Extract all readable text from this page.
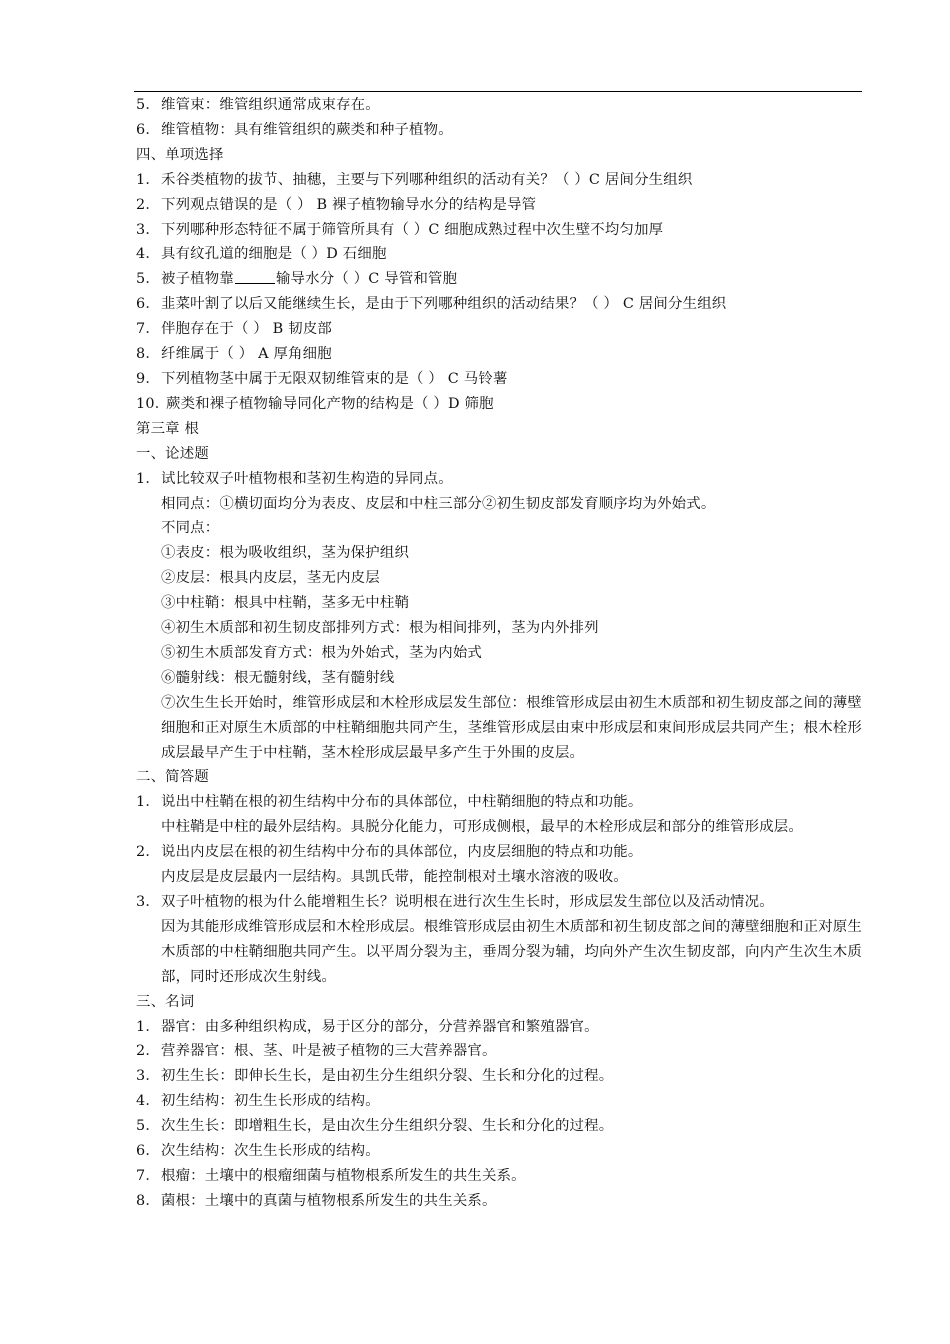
5． 维管束：维管组织通常成束存在。
6． 维管植物：具有维管组织的蕨类和种子植物。
四、单项选择
1． 禾谷类植物的拔节、抽穗，主要与下列哪种组织的活动有关？（ ）C 居间分生组织
2． 下列观点错误的是（ ） B 裸子植物输导水分的结构是导管
3． 下列哪种形态特征不属于筛管所具有（ ）C 细胞成熟过程中次生壁不均匀加厚
4． 具有纹孔道的细胞是（ ）D 石细胞
5． 被子植物靠	输导水分（ ）C 导管和管胞
6． 韭菜叶割了以后又能继续生长，是由于下列哪种组织的活动结果？（ ） C 居间分生组织
7． 伴胞存在于（ ） B 韧皮部
8． 纤维属于（ ） A 厚角细胞
9． 下列植物茎中属于无限双韧维管束的是（ ） C 马铃薯
10．
蕨类和裸子植物输导同化产物的结构是（ ）D 筛胞
第三章 根
一、论述题
1． 试比较双子叶植物根和茎初生构造的异同点。
相同点：①横切面均分为表皮、皮层和中柱三部分②初生韧皮部发育顺序均为外始式。
不同点：
①表皮：根为吸收组织，茎为保护组织
②皮层：根具内皮层，茎无内皮层
③中柱鞘：根具中柱鞘，茎多无中柱鞘
④初生木质部和初生韧皮部排列方式：根为相间排列，茎为内外排列
⑤初生木质部发育方式：根为外始式，茎为内始式
⑥髓射线：根无髓射线，茎有髓射线
⑦次生生长开始时，维管形成层和木栓形成层发生部位：根维管形成层由初生木质部和初生韧皮部之间的薄壁细胞和正对原生木质部的中柱鞘细胞共同产生，茎维管形成层由束中形成层和束间形成层共同产生；根木栓形成层最早产生于中柱鞘，茎木栓形成层最早多产生于外围的皮层。
二、简答题
1． 说出中柱鞘在根的初生结构中分布的具体部位，中柱鞘细胞的特点和功能。
中柱鞘是中柱的最外层结构。具脱分化能力，可形成侧根，最早的木栓形成层和部分的维管形成层。
2． 说出内皮层在根的初生结构中分布的具体部位，内皮层细胞的特点和功能。
内皮层是皮层最内一层结构。具凯氏带，能控制根对土壤水溶液的吸收。
3． 双子叶植物的根为什么能增粗生长？说明根在进行次生生长时，形成层发生部位以及活动情况。
因为其能形成维管形成层和木栓形成层。根维管形成层由初生木质部和初生韧皮部之间的薄壁细胞和正对原生木质部的中柱鞘细胞共同产生。以平周分裂为主，垂周分裂为辅，均向外产生次生韧皮部，向内产生次生木质部，同时还形成次生射线。
三、名词
1． 器官：由多种组织构成，易于区分的部分，分营养器官和繁殖器官。
2． 营养器官：根、茎、叶是被子植物的三大营养器官。
3． 初生生长：即伸长生长，是由初生分生组织分裂、生长和分化的过程。
4． 初生结构：初生生长形成的结构。
5． 次生生长：即增粗生长，是由次生分生组织分裂、生长和分化的过程。
6． 次生结构：次生生长形成的结构。
7． 根瘤：土壤中的根瘤细菌与植物根系所发生的共生关系。
8． 菌根：土壤中的真菌与植物根系所发生的共生关系。
